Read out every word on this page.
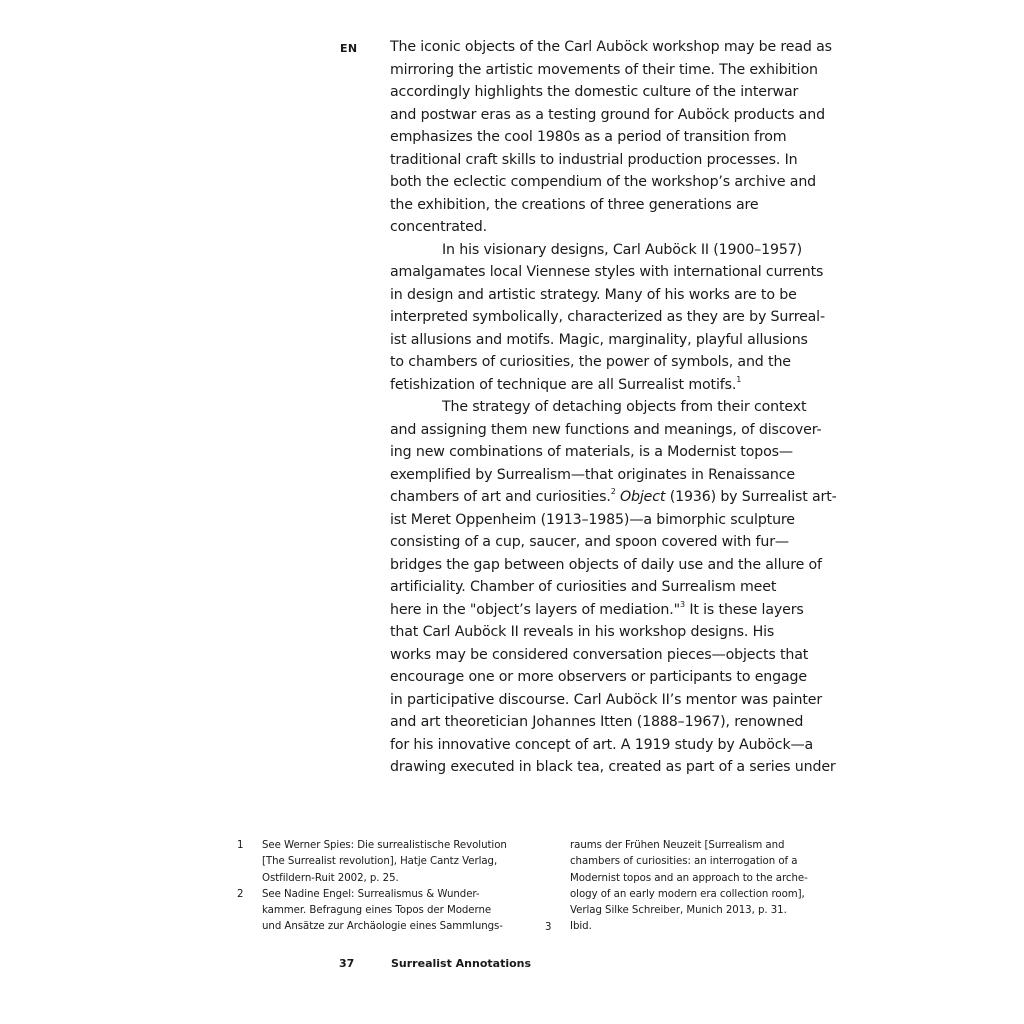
EN The iconic objects of the Carl Auböck workshop may be read as
mirroring the artistic movements of their time. The exhibition
accordingly highlights the domestic culture of the interwar
and postwar eras as a testing ground for Auböck products and
emphasizes the cool 1980s as a period of transition from
traditional craft skills to industrial production processes. In
both the eclectic compendium of the workshop’s archive and
the exhibition, the creations of three generations are
concentrated.
In his visionary designs, Carl Auböck II (1900–1957)
amalgamates local Viennese styles with international currents
in design and artistic strategy. Many of his works are to be
interpreted symbolically, characterized as they are by Surreal-
ist allusions and motifs. Magic, marginality, playful allusions
to chambers of curiosities, the power of symbols, and the
fetishization of technique are all Surrealist motifs.$^1$
The strategy of detaching objects from their context
and assigning them new functions and meanings, of discover-
ing new combinations of materials, is a Modernist topos—
exemplified by Surrealism—that originates in Renaissance
chambers of art and curiosities.$^2$ Object (1936) by Surrealist art-
ist Meret Oppenheim (1913–1985)—a bimorphic sculpture
consisting of a cup, saucer, and spoon covered with fur—
bridges the gap between objects of daily use and the allure of
artificiality. Chamber of curiosities and Surrealism meet
here in the "object’s layers of mediation."$^3$ It is these layers
that Carl Auböck II reveals in his workshop designs. His
works may be considered conversation pieces—objects that
encourage one or more observers or participants to engage
in participative discourse. Carl Auböck II’s mentor was painter
and art theoretician Johannes Itten (1888–1967), renowned
for his innovative concept of art. A 1919 study by Auböck—a
drawing executed in black tea, created as part of a series under
1
2
3
See Werner Spies: Die surrealistische Revolution
[The Surrealist revolution], Hatje Cantz Verlag,
Ostfildern-Ruit 2002, p. 25.
See Nadine Engel: Surrealismus & Wunder-
kammer. Befragung eines Topos der Moderne
und Ansätze zur Archäologie eines Sammlungs-
raums der Frühen Neuzeit [Surrealism and
chambers of curiosities: an interrogation of a
Modernist topos and an approach to the arche-
ology of an early modern era collection room],
Verlag Silke Schreiber, Munich 2013, p. 31.
Ibid.
37	Surrealist Annotations
